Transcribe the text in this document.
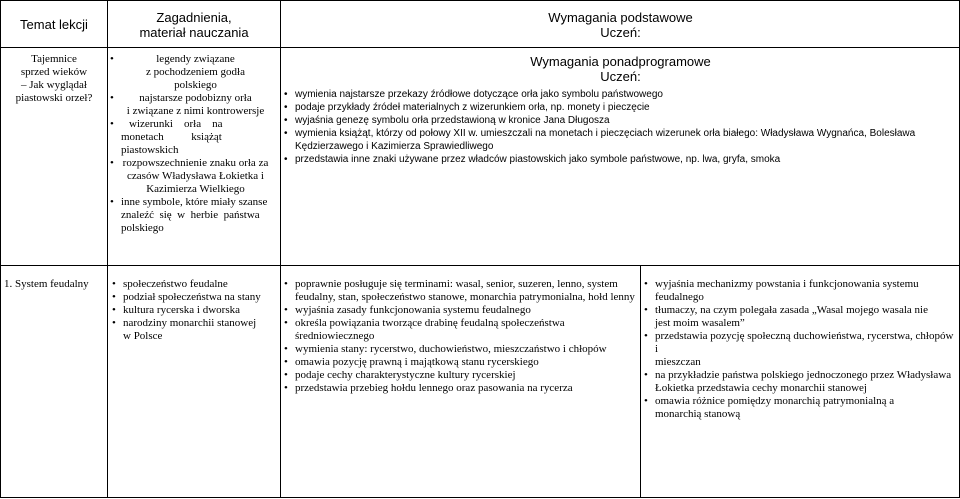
Temat lekcji	Zagadnienia,
materiał nauczania
Wymagania podstawowe
Uczeń:
Tajemnice
sprzed wieków
– Jak wyglądał
piastowski orzeł?
• legendy związane
z pochodzeniem godła
polskiego
• najstarsze podobizny orła
i związane z nimi kontrowersje
• wizerunki    orła    na
monetach          książąt
piastowskich
• rozpowszechnienie znaku orła za
czasów Władysława Łokietka i
Kazimierza Wielkiego
• inne symbole, które miały szanse
znaleźć  się  w  herbie  państwa
polskiego
Wymagania ponadprogramowe
Uczeń:
• wymienia najstarsze przekazy źródłowe dotyczące orła jako symbolu państwowego
• podaje przykłady źródeł materialnych z wizerunkiem orła, np. monety i pieczęcie
• wyjaśnia genezę symbolu orła przedstawioną w kronice Jana Długosza
• wymienia książąt, którzy od połowy XII w. umieszczali na monetach i pieczęciach wizerunek orła białego: Władysława Wygnańca, Bolesława
Kędzierzawego i Kazimierza Sprawiedliwego
• przedstawia inne znaki używane przez władców piastowskich jako symbole państwowe, np. lwa, gryfa, smoka
1. System feudalny
•	społeczeństwo feudalne
• podział społeczeństwa na stany
• kultura rycerska i dworska
• narodziny monarchii stanowej
w Polsce
• poprawnie posługuje się terminami: wasal, senior, suzeren, lenno, system
feudalny, stan, społeczeństwo stanowe, monarchia patrymonialna, hołd lenny
• wyjaśnia zasady funkcjonowania systemu feudalnego
• określa powiązania tworzące drabinę feudalną społeczeństwa
średniowiecznego
• wymienia stany: rycerstwo, duchowieństwo, mieszczaństwo i chłopów
• omawia pozycję prawną i majątkową stanu rycerskiego
• podaje cechy charakterystyczne kultury rycerskiej
• przedstawia przebieg hołdu lennego oraz pasowania na rycerza
• wyjaśnia mechanizmy powstania i funkcjonowania systemu feudalnego
• tłumaczy, na czym polegała zasada „Wasal mojego wasala nie
jest moim wasalem”
• przedstawia pozycję społeczną duchowieństwa, rycerstwa, chłopów i
mieszczan
• na przykładzie państwa polskiego jednoczonego przez Władysława
Łokietka przedstawia cechy monarchii stanowej
• omawia różnice pomiędzy monarchią patrymonialną a
monarchią stanową
